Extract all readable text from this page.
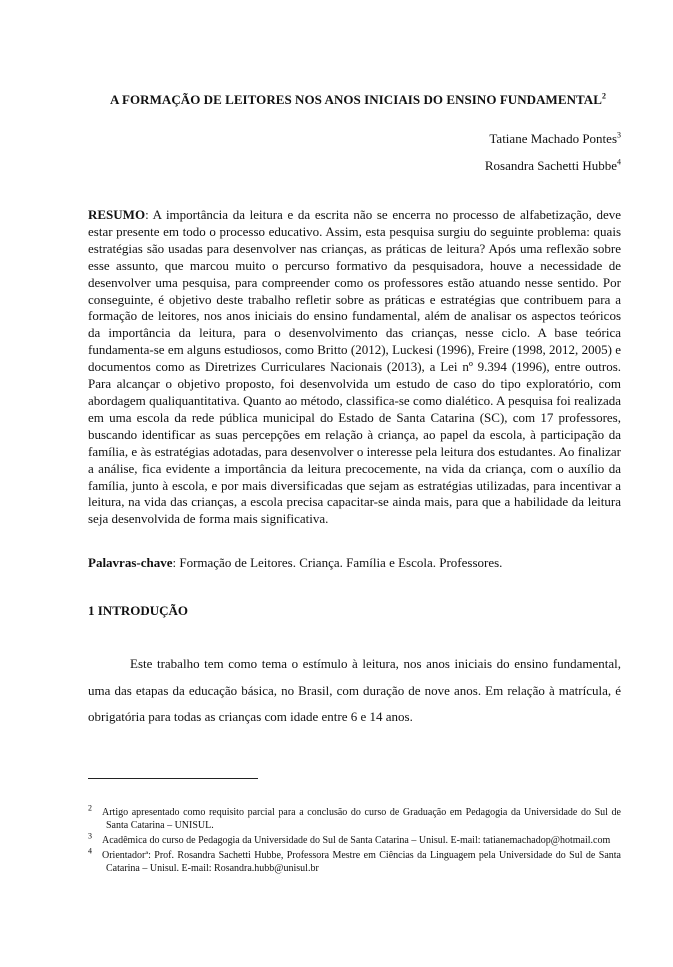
A FORMAÇÃO DE LEITORES NOS ANOS INICIAIS DO ENSINO FUNDAMENTAL$^2$
Tatiane Machado Pontes$^3$
Rosandra Sachetti Hubbe$^4$

RESUMO: A importância da leitura e da escrita não se encerra no processo de alfabetização, deve estar presente em todo o processo educativo. Assim, esta pesquisa surgiu do seguinte problema: quais estratégias são usadas para desenvolver nas crianças, as práticas de leitura? Após uma reflexão sobre esse assunto, que marcou muito o percurso formativo da pesquisadora, houve a necessidade de desenvolver uma pesquisa, para compreender como os professores estão atuando nesse sentido. Por conseguinte, é objetivo deste trabalho refletir sobre as práticas e estratégias que contribuem para a formação de leitores, nos anos iniciais do ensino fundamental, além de analisar os aspectos teóricos da importância da leitura, para o desenvolvimento das crianças, nesse ciclo. A base teórica fundamenta-se em alguns estudiosos, como Britto (2012), Luckesi (1996), Freire (1998, 2012, 2005) e documentos como as Diretrizes Curriculares Nacionais (2013), a Lei nº 9.394 (1996), entre outros. Para alcançar o objetivo proposto, foi desenvolvida um estudo de caso do tipo exploratório, com abordagem qualiquantitativa. Quanto ao método, classifica-se como dialético. A pesquisa foi realizada em uma escola da rede pública municipal do Estado de Santa Catarina (SC), com 17 professores, buscando identificar as suas percepções em relação à criança, ao papel da escola, à participação da família, e às estratégias adotadas, para desenvolver o interesse pela leitura dos estudantes. Ao finalizar a análise, fica evidente a importância da leitura precocemente, na vida da criança, com o auxílio da família, junto à escola, e por mais diversificadas que sejam as estratégias utilizadas, para incentivar a leitura, na vida das crianças, a escola precisa capacitar-se ainda mais, para que a habilidade da leitura seja desenvolvida de forma mais significativa.

Palavras-chave: Formação de Leitores. Criança. Família e Escola. Professores.

1 INTRODUÇÃO

Este trabalho tem como tema o estímulo à leitura, nos anos iniciais do ensino fundamental, uma das etapas da educação básica, no Brasil, com duração de nove anos. Em relação à matrícula, é obrigatória para todas as crianças com idade entre 6 e 14 anos.

$^2$ Artigo apresentado como requisito parcial para a conclusão do curso de Graduação em Pedagogia da Universidade do Sul de Santa Catarina – UNISUL.

$^3$ Acadêmica do curso de Pedagogia da Universidade do Sul de Santa Catarina – Unisul. E-mail: tatianemachadop@hotmail.com

$^4$ Orientadorª: Prof. Rosandra Sachetti Hubbe, Professora Mestre em Ciências da Linguagem pela Universidade do Sul de Santa Catarina – Unisul. E-mail: Rosandra.hubb@unisul.br
